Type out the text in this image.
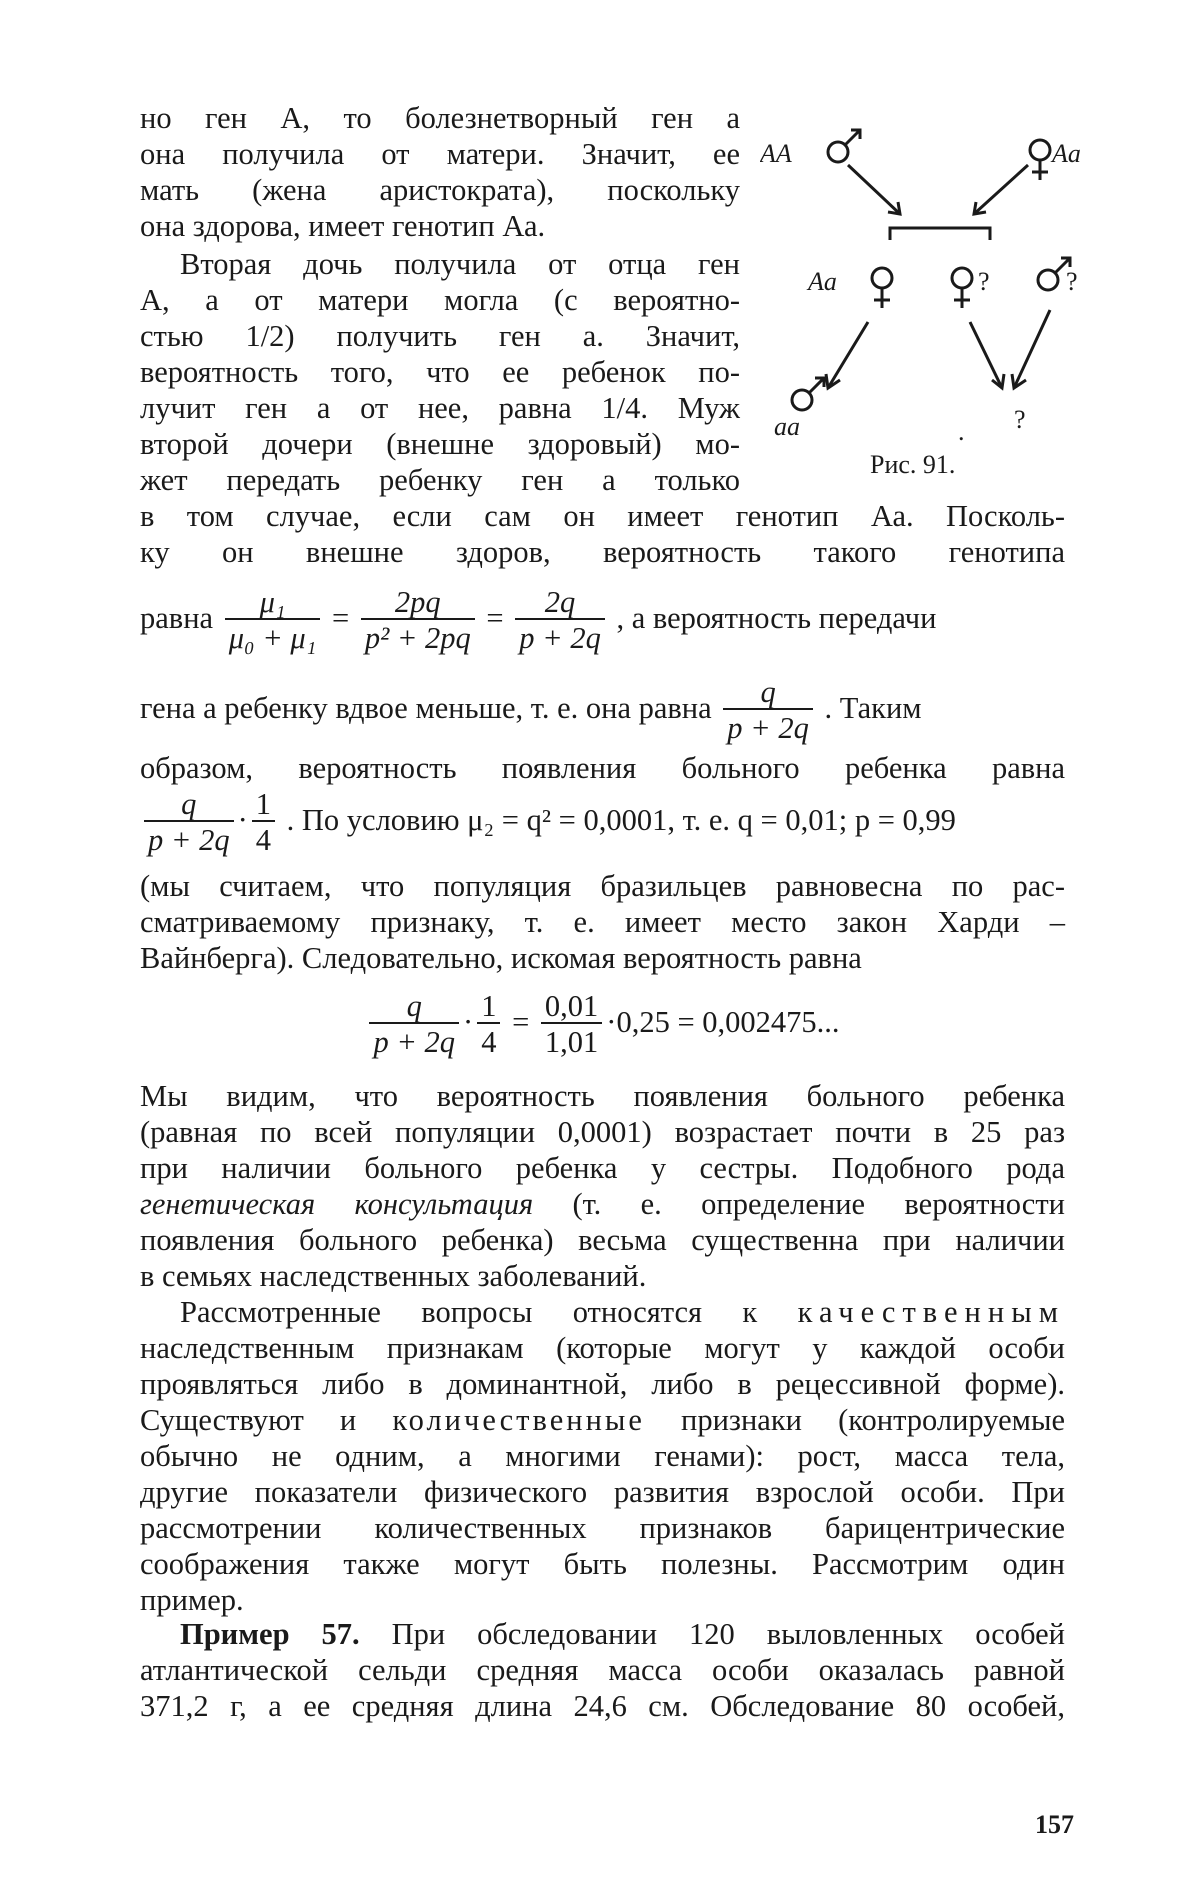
но ген А, то болезнетворный ген а
она получила от матери. Значит, ее
мать (жена аристократа), поскольку
она здорова, имеет генотип Аа.
Вторая дочь получила от отца ген
А, а от матери могла (с вероятно-
стью 1/2) получить ген а. Значит,
вероятность того, что ее ребенок по-
лучит ген а от нее, равна 1/4. Муж
второй дочери (внешне здоровый) мо-
жет передать ребенку ген а только
AA	Aa
Aa	?	?
aa	. ?
Рис. 91.
в том случае, если сам он имеет генотип Аа. Посколь-
ку он внешне здоров, вероятность такого генотипа
равна $\frac{\text{μ₁}}{\text{μ₀ + μ₁}} = \frac{2pq}{\text{p² + 2pq}} = \frac{2q}{p + 2q}$ , а вероятность передачи
гена а ребенку вдвое меньше, т. е. она равна $\frac{q}{p + 2q}$ . Таким
образом, вероятность появления больного ребенка равна
$\frac{q}{p + 2q} \cdot \frac{1}{4}$ . По условию μ₂ = q² = 0,0001, т. е. q = 0,01; p = 0,99
(мы считаем, что популяция бразильцев равновесна по рас-
сматриваемому признаку, т. е. имеет место закон Харди –
Вайнберга). Следовательно, искомая вероятность равна
$\frac{q}{p + 2q} \cdot \frac{1}{4} = \frac{0,01}{1,01} \cdot 0,25 = 0,002475$...
Мы видим, что вероятность появления больного ребенка
(равная по всей популяции 0,0001) возрастает почти в 25 раз
при наличии больного ребенка у сестры. Подобного рода
генетическая консультация (т. е. определение вероятности
появления больного ребенка) весьма существенна при наличии
в семьях наследственных заболеваний.
Рассмотренные вопросы относятся к качественным
наследственным признакам (которые могут у каждой особи
проявляться либо в доминантной, либо в рецессивной форме).
Существуют и количественные признаки (контролируемые
обычно не одним, а многими генами): рост, масса тела,
другие показатели физического развития взрослой особи. При
рассмотрении количественных признаков барицентрические
соображения также могут быть полезны. Рассмотрим один
пример.
Пример 57. При обследовании 120 выловленных особей
атлантической сельди средняя масса особи оказалась равной
371,2 г, а ее средняя длина 24,6 см. Обследование 80 особей,
157
